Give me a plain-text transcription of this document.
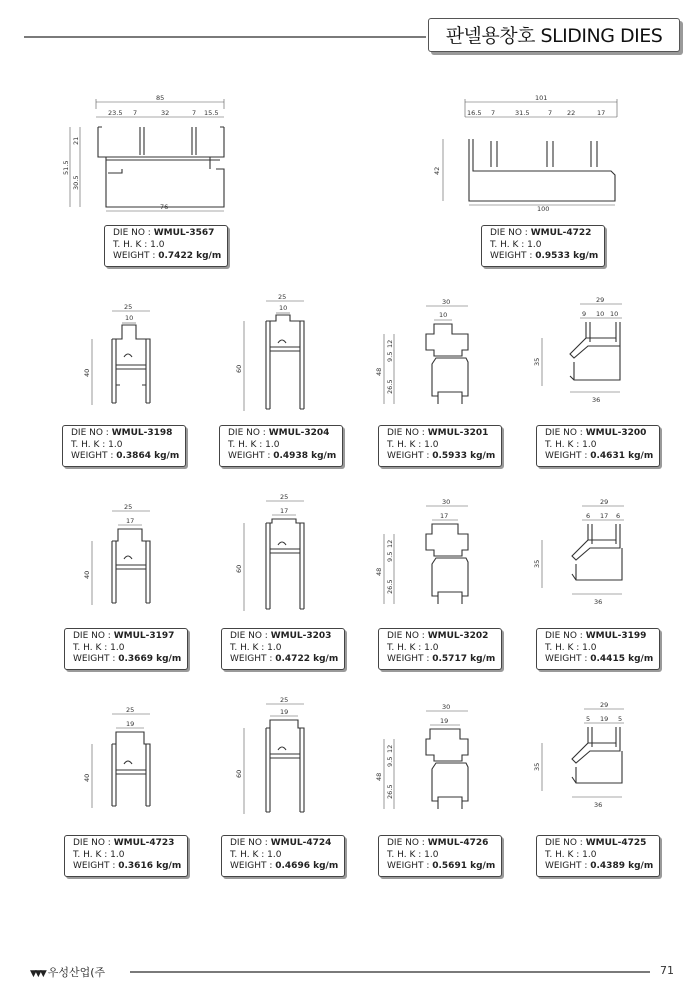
판넬용창호 SLIDING DIES
85
23.5 7	32	7 15.5
51.5
21
30.5
76
DIE NO : WMUL-3567
T. H. K : 1.0
WEIGHT : 0.7422 kg/m
101
16.5 7	31.5	7 22	17
42
100
DIE NO : WMUL-4722
T. H. K : 1.0
WEIGHT : 0.9533 kg/m
25
10
40
DIE NO : WMUL-3198
T. H. K : 1.0
WEIGHT : 0.3864 kg/m
25
10
60
DIE NO : WMUL-3204
T. H. K : 1.0
WEIGHT : 0.4938 kg/m
30
10
48
12
9.5
26.5
DIE NO : WMUL-3201
T. H. K : 1.0
WEIGHT : 0.5933 kg/m
29
9 10 10
35
36
DIE NO : WMUL-3200
T. H. K : 1.0
WEIGHT : 0.4631 kg/m
25
17
40
DIE NO : WMUL-3197
T. H. K : 1.0
WEIGHT : 0.3669 kg/m
25
17
60
DIE NO : WMUL-3203
T. H. K : 1.0
WEIGHT : 0.4722 kg/m
30
17
48
12
9.5
26.5
DIE NO : WMUL-3202
T. H. K : 1.0
WEIGHT : 0.5717 kg/m
29
6 17 6
35
36
DIE NO : WMUL-3199
T. H. K : 1.0
WEIGHT : 0.4415 kg/m
25
19
40
DIE NO : WMUL-4723
T. H. K : 1.0
WEIGHT : 0.3616 kg/m
25
19
60
DIE NO : WMUL-4724
T. H. K : 1.0
WEIGHT : 0.4696 kg/m
30
19
48
12
9.5
26.5
DIE NO : WMUL-4726
T. H. K : 1.0
WEIGHT : 0.5691 kg/m
29
5 19 5
35
36
DIE NO : WMUL-4725
T. H. K : 1.0
WEIGHT : 0.4389 kg/m
▼▼▼ 우성산업(주	71
